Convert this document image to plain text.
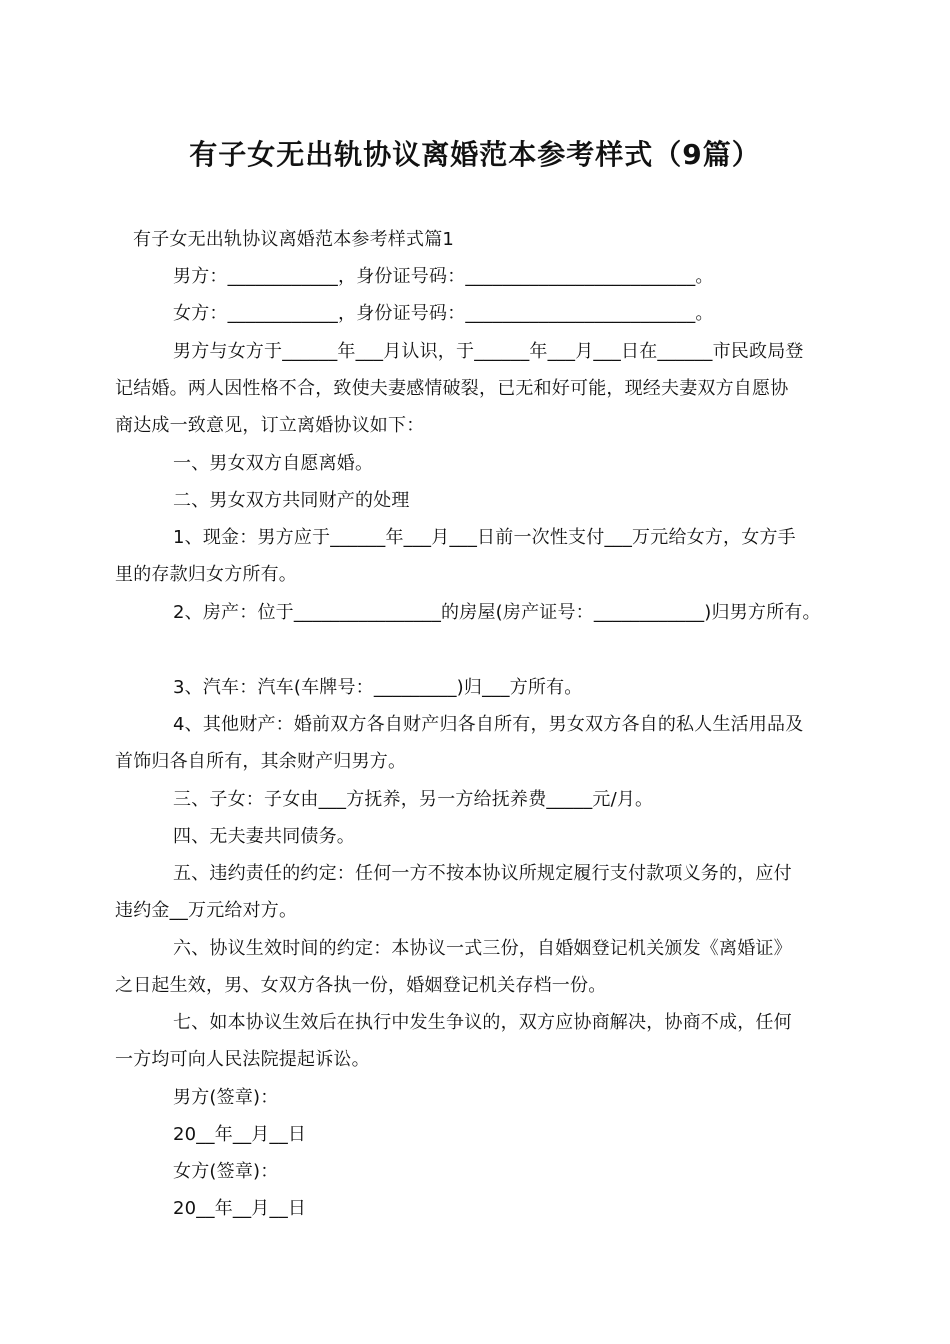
有子女无出轨协议离婚范本参考样式（9篇）
有子女无出轨协议离婚范本参考样式篇1
男方：____________，身份证号码：_________________________。
女方：____________，身份证号码：_________________________。
男方与女方于______年___月认识，于______年___月___日在______市民政局登
记结婚。两人因性格不合，致使夫妻感情破裂，已无和好可能，现经夫妻双方自愿协
商达成一致意见，订立离婚协议如下：
一、男女双方自愿离婚。
二、男女双方共同财产的处理
1、现金：男方应于______年___月___日前一次性支付___万元给女方，女方手
里的存款归女方所有。
2、房产：位于________________的房屋(房产证号：____________)归男方所有。
3、汽车：汽车(车牌号：_________)归___方所有。
4、其他财产：婚前双方各自财产归各自所有，男女双方各自的私人生活用品及
首饰归各自所有，其余财产归男方。
三、子女：子女由___方抚养，另一方给抚养费_____元/月。
四、无夫妻共同债务。
五、违约责任的约定：任何一方不按本协议所规定履行支付款项义务的，应付
违约金__万元给对方。
六、协议生效时间的约定：本协议一式三份，自婚姻登记机关颁发《离婚证》
之日起生效，男、女双方各执一份，婚姻登记机关存档一份。
七、如本协议生效后在执行中发生争议的，双方应协商解决，协商不成，任何
一方均可向人民法院提起诉讼。
男方(签章)：
20__年__月__日
女方(签章)：
20__年__月__日
